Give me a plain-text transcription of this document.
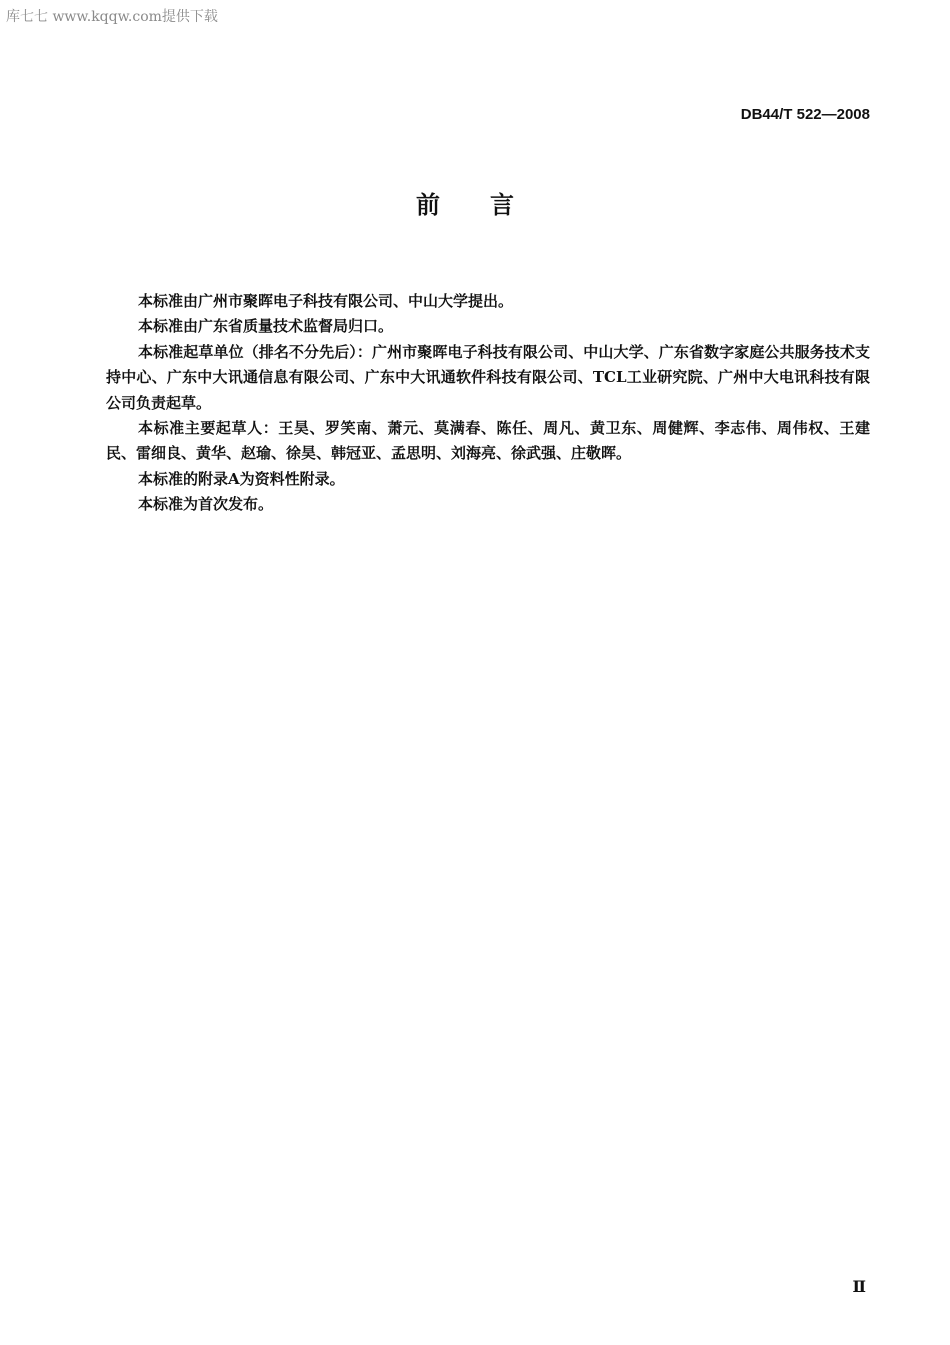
库七七 www.kqqw.com提供下载
DB44/T 522—2008
前言

本标准由广州市聚晖电子科技有限公司、中山大学提出。

本标准由广东省质量技术监督局归口。

本标准起草单位（排名不分先后）：广州市聚晖电子科技有限公司、中山大学、广东省数字家庭公共服务技术支持中心、广东中大讯通信息有限公司、广东中大讯通软件科技有限公司、TCL工业研究院、广州中大电讯科技有限公司负责起草。

本标准主要起草人：王昊、罗笑南、萧元、莫满春、陈任、周凡、黄卫东、周健辉、李志伟、周伟权、王建民、雷细良、黄华、赵瑜、徐昊、韩冠亚、孟思明、刘海亮、徐武强、庄敬晖。

本标准的附录A为资料性附录。

本标准为首次发布。

Ⅱ
